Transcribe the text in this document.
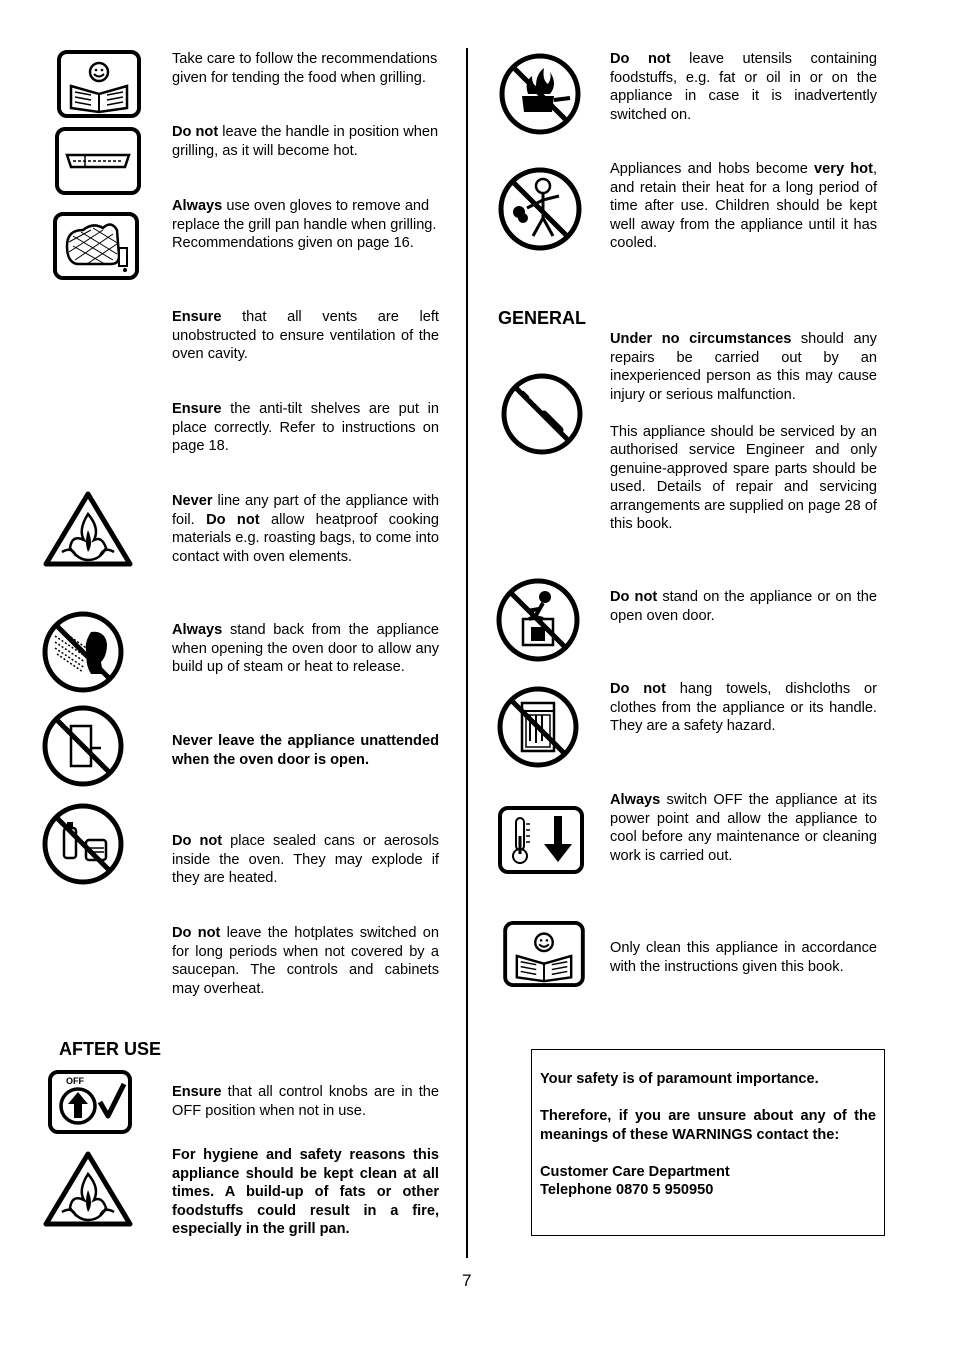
Take care to follow the recommendations given for tending the food when grilling.
Do not leave the handle in position when grilling, as it will become hot.
Always use oven gloves to remove and replace the grill pan handle when grilling.
Recommendations given on page 16.
Ensure that all vents are left unobstructed to ensure ventilation of the oven cavity.
Ensure the anti-tilt shelves are put in place correctly. Refer to instructions on page 18.
Never line any part of the appliance with foil. Do not allow heatproof cooking materials e.g. roasting bags, to come into contact with oven elements.
Always stand back from the appliance when opening the oven door to allow any build up of steam or heat to release.
Never leave the appliance unattended when the oven door is open.
Do not place sealed cans or aerosols inside the oven. They may explode if they are heated.
Do not leave the hotplates switched on for long periods when not covered by a saucepan. The controls and cabinets may overheat.
AFTER USE
OFF
Ensure that all control knobs are in the OFF position when not in use.
For hygiene and safety reasons this appliance should be kept clean at all times. A build-up of fats or other foodstuffs could result in a fire, especially in the grill pan.
Do not leave utensils containing foodstuffs, e.g. fat or oil in or on the appliance in case it is inadvertently switched on.
Appliances and hobs become very hot, and retain their heat for a long period of time after use. Children should be kept well away from the appliance until it has cooled.
GENERAL
Under no circumstances should any repairs be carried out by an inexperienced person as this may cause injury or serious malfunction.

This appliance should be serviced by an authorised service Engineer and only genuine-approved spare parts should be used. Details of repair and servicing arrangements are supplied on page 28 of this book.
Do not stand on the appliance or on the open oven door.
Do not hang towels, dishcloths or clothes from the appliance or its handle. They are a safety hazard.
Always switch OFF the appliance at its power point and allow the appliance to cool before any maintenance or cleaning work is carried out.
Only clean this appliance in accordance with the instructions given this book.

Your safety is of paramount importance.

Therefore, if you are unsure about any of the meanings of these WARNINGS contact the:

Customer Care Department

Telephone 0870 5 950950

7
